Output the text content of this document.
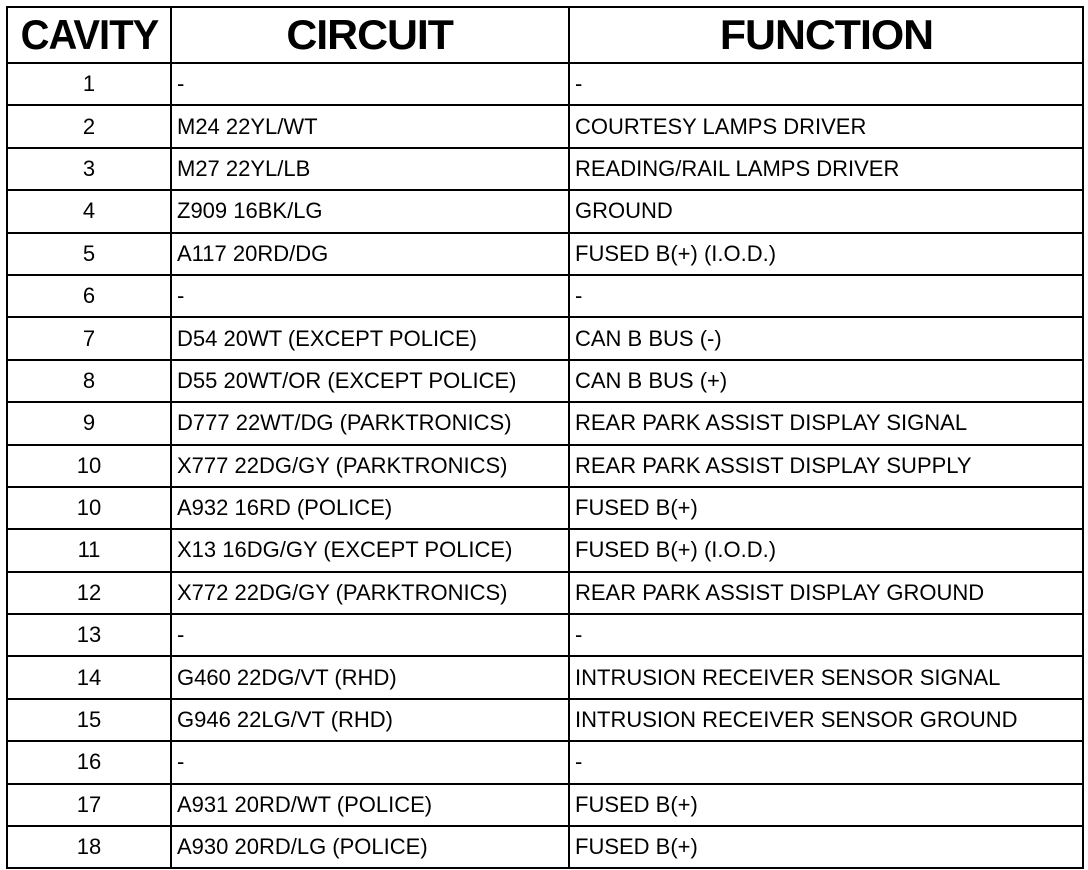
CAVITY	CIRCUIT	FUNCTION
1	-	-
2	M24 22YL/WT	COURTESY LAMPS DRIVER
3	M27 22YL/LB	READING/RAIL LAMPS DRIVER
4	Z909 16BK/LG	GROUND
5	A117 20RD/DG	FUSED B(+) (I.O.D.)
6	-	-
7	D54 20WT (EXCEPT POLICE)	CAN B BUS (-)
8	D55 20WT/OR (EXCEPT POLICE)	CAN B BUS (+)
9	D777 22WT/DG (PARKTRONICS)	REAR PARK ASSIST DISPLAY SIGNAL
10	X777 22DG/GY (PARKTRONICS)	REAR PARK ASSIST DISPLAY SUPPLY
10	A932 16RD (POLICE)	FUSED B(+)
11	X13 16DG/GY (EXCEPT POLICE)	FUSED B(+) (I.O.D.)
12	X772 22DG/GY (PARKTRONICS)	REAR PARK ASSIST DISPLAY GROUND
13	-	-
14	G460 22DG/VT (RHD)	INTRUSION RECEIVER SENSOR SIGNAL
15	G946 22LG/VT (RHD)	INTRUSION RECEIVER SENSOR GROUND
16	-	-
17	A931 20RD/WT (POLICE)	FUSED B(+)
18	A930 20RD/LG (POLICE)	FUSED B(+)
